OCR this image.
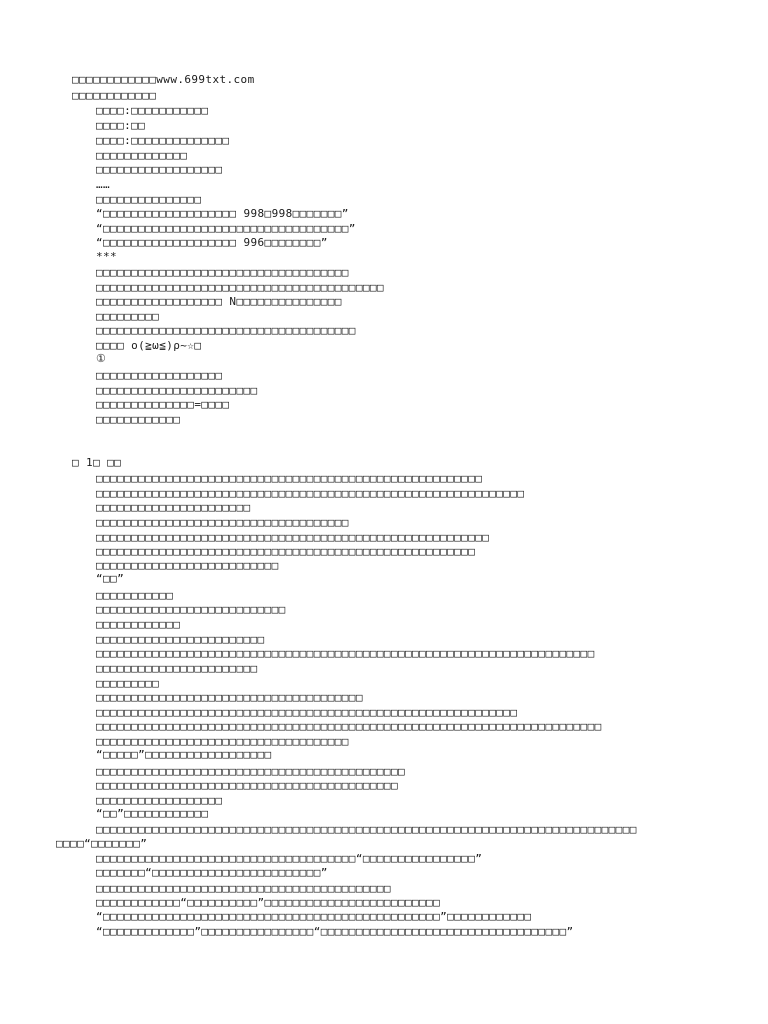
□□□□□□□□□□□□www.699txt.com
□□□□□□□□□□□□
□□□□:□□□□□□□□□□□
□□□□:□□
□□□□:□□□□□□□□□□□□□□
□□□□□□□□□□□□□
□□□□□□□□□□□□□□□□□□
……
□□□□□□□□□□□□□□□
“□□□□□□□□□□□□□□□□□□□ 998□998□□□□□□□”
“□□□□□□□□□□□□□□□□□□□□□□□□□□□□□□□□□□□”
“□□□□□□□□□□□□□□□□□□□ 996□□□□□□□□”
***
□□□□□□□□□□□□□□□□□□□□□□□□□□□□□□□□□□□□
□□□□□□□□□□□□□□□□□□□□□□□□□□□□□□□□□□□□□□□□□
□□□□□□□□□□□□□□□□□□ N□□□□□□□□□□□□□□□
□□□□□□□□□
□□□□□□□□□□□□□□□□□□□□□□□□□□□□□□□□□□□□□
□□□□ o(≧ω≦)ρ~☆□
①
□□□□□□□□□□□□□□□□□□
□□□□□□□□□□□□□□□□□□□□□□□
□□□□□□□□□□□□□□=□□□□
□□□□□□□□□□□□
□ 1□ □□
□□□□□□□□□□□□□□□□□□□□□□□□□□□□□□□□□□□□□□□□□□□□□□□□□□□□□□□
□□□□□□□□□□□□□□□□□□□□□□□□□□□□□□□□□□□□□□□□□□□□□□□□□□□□□□□□□□□□□
□□□□□□□□□□□□□□□□□□□□□□
□□□□□□□□□□□□□□□□□□□□□□□□□□□□□□□□□□□□
□□□□□□□□□□□□□□□□□□□□□□□□□□□□□□□□□□□□□□□□□□□□□□□□□□□□□□□□
□□□□□□□□□□□□□□□□□□□□□□□□□□□□□□□□□□□□□□□□□□□□□□□□□□□□□□
□□□□□□□□□□□□□□□□□□□□□□□□□□
“□□”
□□□□□□□□□□□
□□□□□□□□□□□□□□□□□□□□□□□□□□□
□□□□□□□□□□□□
□□□□□□□□□□□□□□□□□□□□□□□□
□□□□□□□□□□□□□□□□□□□□□□□□□□□□□□□□□□□□□□□□□□□□□□□□□□□□□□□□□□□□□□□□□□□□□□□
□□□□□□□□□□□□□□□□□□□□□□□
□□□□□□□□□
□□□□□□□□□□□□□□□□□□□□□□□□□□□□□□□□□□□□□□
□□□□□□□□□□□□□□□□□□□□□□□□□□□□□□□□□□□□□□□□□□□□□□□□□□□□□□□□□□□□
□□□□□□□□□□□□□□□□□□□□□□□□□□□□□□□□□□□□□□□□□□□□□□□□□□□□□□□□□□□□□□□□□□□□□□□□
□□□□□□□□□□□□□□□□□□□□□□□□□□□□□□□□□□□□
“□□□□□”□□□□□□□□□□□□□□□□□□
□□□□□□□□□□□□□□□□□□□□□□□□□□□□□□□□□□□□□□□□□□□□
□□□□□□□□□□□□□□□□□□□□□□□□□□□□□□□□□□□□□□□□□□□
□□□□□□□□□□□□□□□□□□
“□□”□□□□□□□□□□□□
□□□□□□□□□□□□□□□□□□□□□□□□□□□□□□□□□□□□□□□□□□□□□□□□□□□□□□□□□□□□□□□□□□□□□□□□□□□□□
□□□□“□□□□□□□”
□□□□□□□□□□□□□□□□□□□□□□□□□□□□□□□□□□□□□“□□□□□□□□□□□□□□□□”
□□□□□□□“□□□□□□□□□□□□□□□□□□□□□□□□”
□□□□□□□□□□□□□□□□□□□□□□□□□□□□□□□□□□□□□□□□□□
□□□□□□□□□□□□“□□□□□□□□□□”□□□□□□□□□□□□□□□□□□□□□□□□□
“□□□□□□□□□□□□□□□□□□□□□□□□□□□□□□□□□□□□□□□□□□□□□□□□”□□□□□□□□□□□□
“□□□□□□□□□□□□□”□□□□□□□□□□□□□□□□“□□□□□□□□□□□□□□□□□□□□□□□□□□□□□□□□□□□”
